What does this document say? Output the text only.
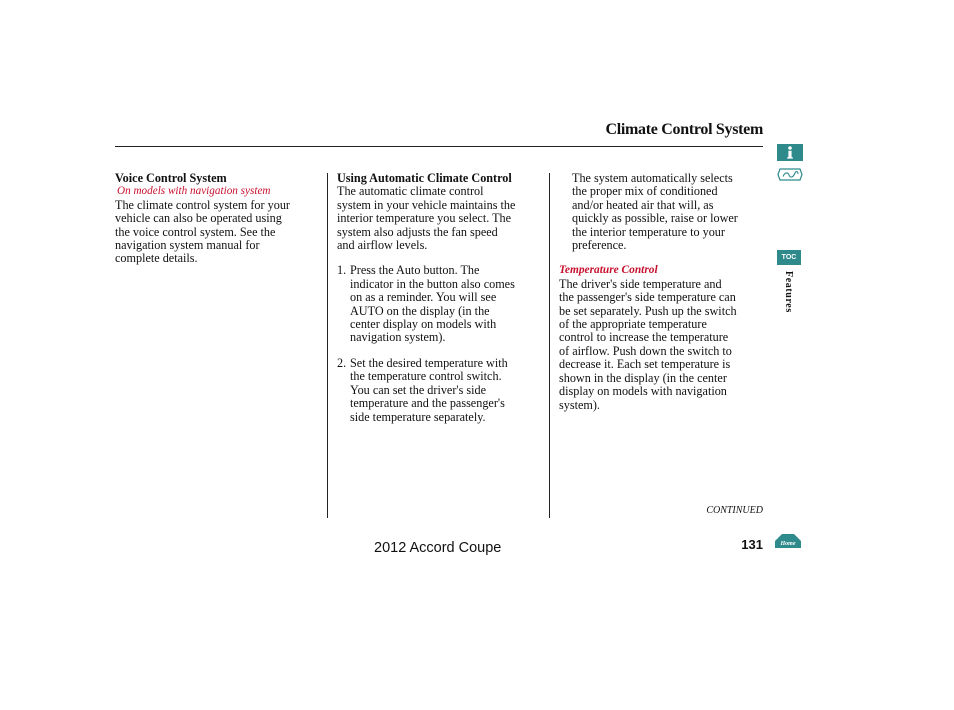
Climate Control System
Voice Control System
On models with navigation system
The climate control system for your
vehicle can also be operated using
the voice control system. See the
navigation system manual for
complete details.
Using Automatic Climate Control
The automatic climate control
system in your vehicle maintains the
interior temperature you select. The
system also adjusts the fan speed
and airflow levels.
1. Press the Auto button. The
indicator in the button also comes
on as a reminder. You will see
AUTO on the display (in the
center display on models with
navigation system).
2. Set the desired temperature with
the temperature control switch.
You can set the driver's side
temperature and the passenger's
side temperature separately.
The system automatically selects
the proper mix of conditioned
and/or heated air that will, as
quickly as possible, raise or lower
the interior temperature to your
preference.
Temperature Control
The driver's side temperature and
the passenger's side temperature can
be set separately. Push up the switch
of the appropriate temperature
control to increase the temperature
of airflow. Push down the switch to
decrease it. Each set temperature is
shown in the display (in the center
display on models with navigation
system).
CONTINUED
131
2012 Accord Coupe
TOC
Features
Home
